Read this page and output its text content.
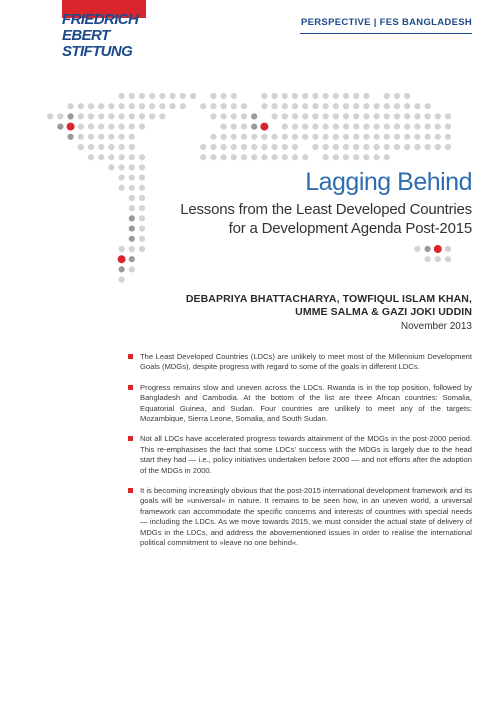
FRIEDRICH
EBERT
STIFTUNG
PERSPECTIVE | FES BANGLADESH
Lagging Behind
Lessons from the Least Developed Countries
for a Development Agenda Post-2015
DEBAPRIYA BHATTACHARYA, TOWFIQUL ISLAM KHAN,
UMME SALMA & GAZI JOKI UDDIN
November 2013
The Least Developed Countries (LDCs) are unlikely to meet most of the Millennium Development Goals (MDGs), despite progress with regard to some of the goals in different LDCs.
Progress remains slow and uneven across the LDCs. Rwanda is in the top position, followed by Bangladesh and Cambodia. At the bottom of the list are three African countries: Somalia, Equatorial Guinea, and Sudan. Four countries are unlikely to meet any of the targets: Mozambique, Sierra Leone, Somalia, and South Sudan.
Not all LDCs have accelerated progress towards attainment of the MDGs in the post-2000 period. This re-emphasises the fact that some LDCs' success with the MDGs is largely due to the head start they had — i.e., policy initiatives undertaken before 2000 — and not efforts after the adoption of the MDGs in 2000.
It is becoming increasingly obvious that the post-2015 international development framework and its goals will be »universal« in nature. It remains to be seen how, in an uneven world, a universal framework can accommodate the specific concerns and interests of countries with special needs — including the LDCs. As we move towards 2015, we must consider the actual state of delivery of MDGs in the LDCs, and address the abovementioned issues in order to realise the international political commitment to »leave no one behind«.
